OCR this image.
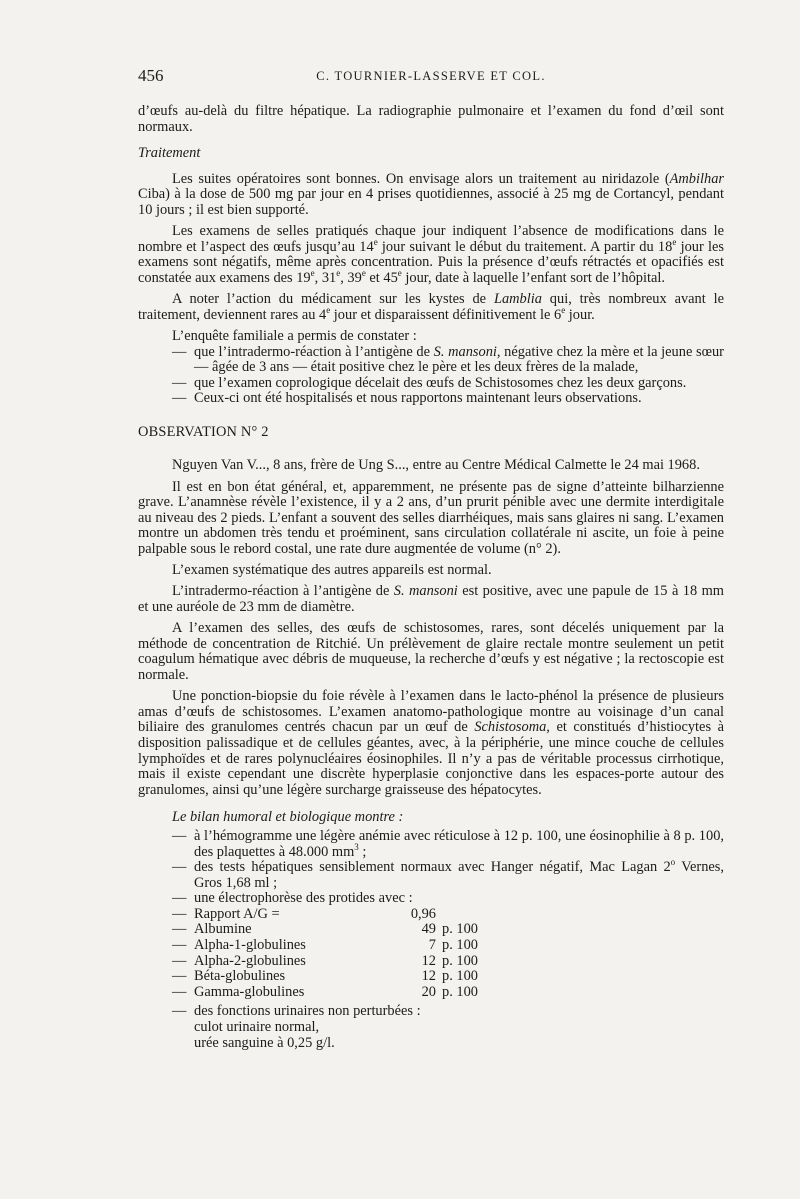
456	C. TOURNIER-LASSERVE ET COL.

d’œufs au-delà du filtre hépatique. La radiographie pulmonaire et l’examen du fond d’œil sont normaux.

Traitement

Les suites opératoires sont bonnes. On envisage alors un traitement au niridazole (Ambilhar Ciba) à la dose de 500 mg par jour en 4 prises quotidiennes, associé à 25 mg de Cortancyl, pendant 10 jours ; il est bien supporté.

Les examens de selles pratiqués chaque jour indiquent l’absence de modifications dans le nombre et l’aspect des œufs jusqu’au 14e jour suivant le début du traitement. A partir du 18e jour les examens sont négatifs, même après concentration. Puis la présence d’œufs rétractés et opacifiés est constatée aux examens des 19e, 31e, 39e et 45e jour, date à laquelle l’enfant sort de l’hôpital.

A noter l’action du médicament sur les kystes de Lamblia qui, très nombreux avant le traitement, deviennent rares au 4e jour et disparaissent définitivement le 6e jour.

L’enquête familiale a permis de constater :

— que l’intradermo-réaction à l’antigène de S. mansoni, négative chez la mère et la jeune sœur — âgée de 3 ans — était positive chez le père et les deux frères de la malade,
— que l’examen coprologique décelait des œufs de Schistosomes chez les deux garçons.
— Ceux-ci ont été hospitalisés et nous rapportons maintenant leurs observations.
OBSERVATION N° 2

Nguyen Van V..., 8 ans, frère de Ung S..., entre au Centre Médical Calmette le 24 mai 1968.

Il est en bon état général, et, apparemment, ne présente pas de signe d’atteinte bilharzienne grave. L’anamnèse révèle l’existence, il y a 2 ans, d’un prurit pénible avec une dermite interdigitale au niveau des 2 pieds. L’enfant a souvent des selles diarrhéiques, mais sans glaires ni sang. L’examen montre un abdomen très tendu et proéminent, sans circulation collatérale ni ascite, un foie à peine palpable sous le rebord costal, une rate dure augmentée de volume (n° 2).

L’examen systématique des autres appareils est normal.

L’intradermo-réaction à l’antigène de S. mansoni est positive, avec une papule de 15 à 18 mm et une auréole de 23 mm de diamètre.

A l’examen des selles, des œufs de schistosomes, rares, sont décelés uniquement par la méthode de concentration de Ritchié. Un prélèvement de glaire rectale montre seulement un petit coagulum hématique avec débris de muqueuse, la recherche d’œufs y est négative ; la rectoscopie est normale.

Une ponction-biopsie du foie révèle à l’examen dans le lacto-phénol la présence de plusieurs amas d’œufs de schistosomes. L’examen anatomo-pathologique montre au voisinage d’un canal biliaire des granulomes centrés chacun par un œuf de Schistosoma, et constitués d’histiocytes à disposition palissadique et de cellules géantes, avec, à la périphérie, une mince couche de cellules lymphoïdes et de rares polynucléaires éosinophiles. Il n’y a pas de véritable processus cirrhotique, mais il existe cependant une discrète hyperplasie conjonctive dans les espaces-porte autour des granulomes, ainsi qu’une légère surcharge graisseuse des hépatocytes.

Le bilan humoral et biologique montre :
— à l’hémogramme une légère anémie avec réticulose à 12 p. 100, une éosinophilie à 8 p. 100, des plaquettes à 48.000 $mm^3$ ;
— des tests hépatiques sensiblement normaux avec Hanger négatif, Mac Lagan 2$^o$ Vernes, Gros 1,68 ml ;
— une électrophorèse des protides avec :
— Rapport A/G =	0,96
— Albumine	49 p. 100
— Alpha-1-globulines	7 p. 100
— Alpha-2-globulines	12 p. 100
— Béta-globulines	12 p. 100
— Gamma-globulines	20 p. 100
— des fonctions urinaires non perturbées :
culot urinaire normal,
urée sanguine à 0,25 g/l.
